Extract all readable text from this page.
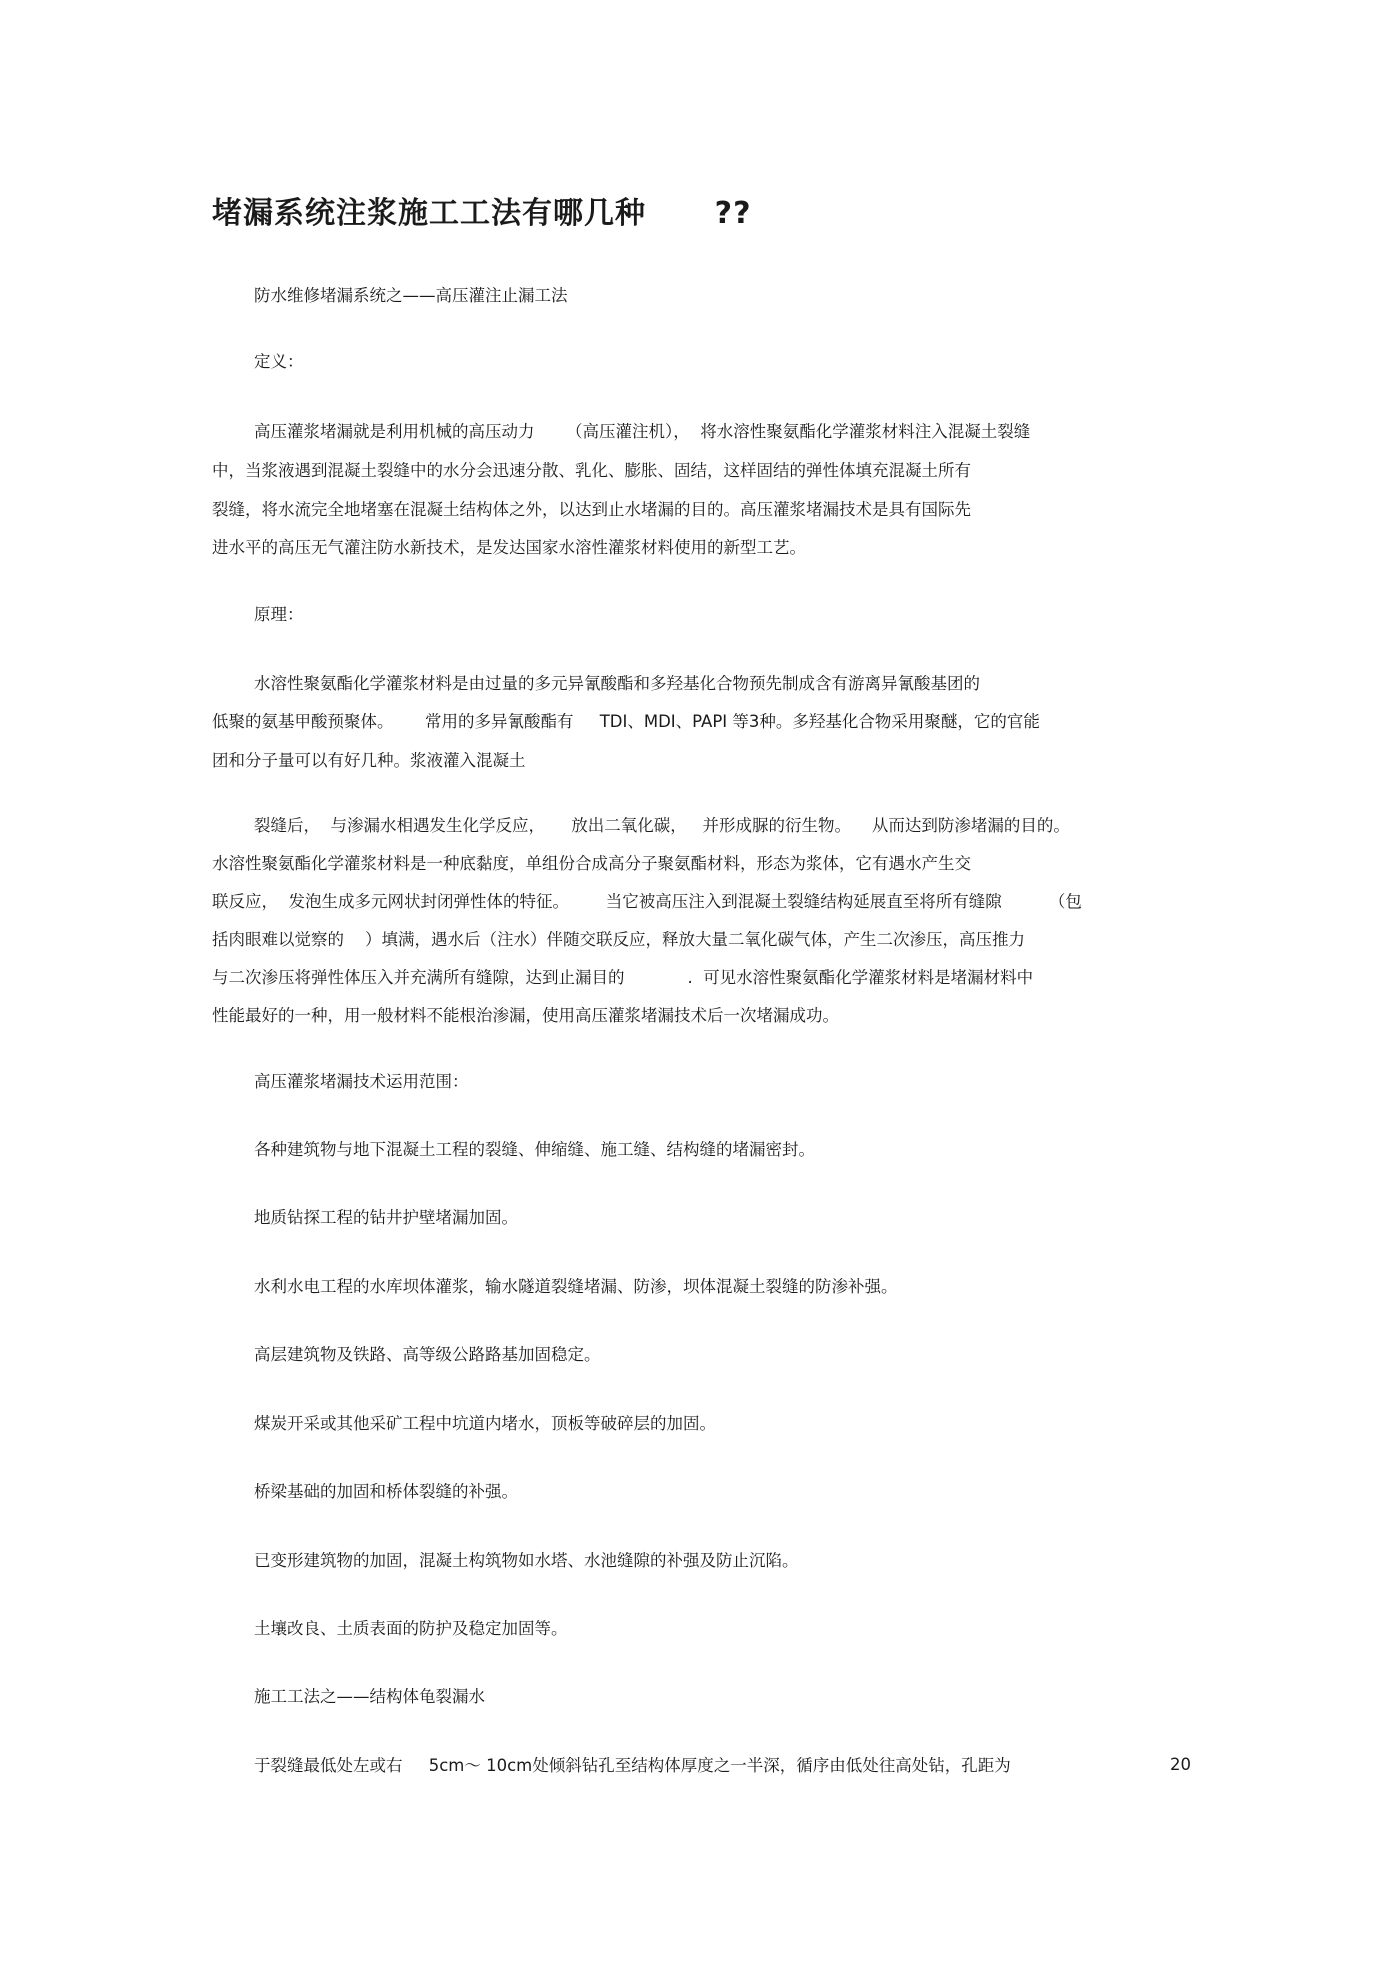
堵漏系统注浆施工工法有哪几种      ??
防水维修堵漏系统之——高压灌注止漏工法
定义：
高压灌浆堵漏就是利用机械的高压动力      （高压灌注机），  将水溶性聚氨酯化学灌浆材料注入混凝土裂缝
中，当浆液遇到混凝土裂缝中的水分会迅速分散、乳化、膨胀、固结，这样固结的弹性体填充混凝土所有
裂缝，将水流完全地堵塞在混凝土结构体之外，以达到止水堵漏的目的。高压灌浆堵漏技术是具有国际先
进水平的高压无气灌注防水新技术，是发达国家水溶性灌浆材料使用的新型工艺。
原理：
水溶性聚氨酯化学灌浆材料是由过量的多元异氰酸酯和多羟基化合物预先制成含有游离异氰酸基团的
低聚的氨基甲酸预聚体。      常用的多异氰酸酯有     TDI、MDI、PAPI 等3种。多羟基化合物采用聚醚，它的官能
团和分子量可以有好几种。浆液灌入混凝土
裂缝后，  与渗漏水相遇发生化学反应，     放出二氧化碳，   并形成脲的衍生物。    从而达到防渗堵漏的目的。
水溶性聚氨酯化学灌浆材料是一种底黏度，单组份合成高分子聚氨酯材料，形态为浆体，它有遇水产生交
联反应，  发泡生成多元网状封闭弹性体的特征。       当它被高压注入到混凝土裂缝结构延展直至将所有缝隙         （包
括肉眼难以觉察的    ）填满，遇水后（注水）伴随交联反应，释放大量二氧化碳气体，产生二次渗压，高压推力
与二次渗压将弹性体压入并充满所有缝隙，达到止漏目的            .  可见水溶性聚氨酯化学灌浆材料是堵漏材料中
性能最好的一种，用一般材料不能根治渗漏，使用高压灌浆堵漏技术后一次堵漏成功。
高压灌浆堵漏技术运用范围：
各种建筑物与地下混凝土工程的裂缝、伸缩缝、施工缝、结构缝的堵漏密封。
地质钻探工程的钻井护壁堵漏加固。
水利水电工程的水库坝体灌浆，输水隧道裂缝堵漏、防渗，坝体混凝土裂缝的防渗补强。
高层建筑物及铁路、高等级公路路基加固稳定。
煤炭开采或其他采矿工程中坑道内堵水，顶板等破碎层的加固。
桥梁基础的加固和桥体裂缝的补强。
已变形建筑物的加固，混凝土构筑物如水塔、水池缝隙的补强及防止沉陷。
土壤改良、土质表面的防护及稳定加固等。
施工工法之——结构体龟裂漏水
于裂缝最低处左或右     5cm～ 10cm处倾斜钻孔至结构体厚度之一半深，循序由低处往高处钻，孔距为	20
